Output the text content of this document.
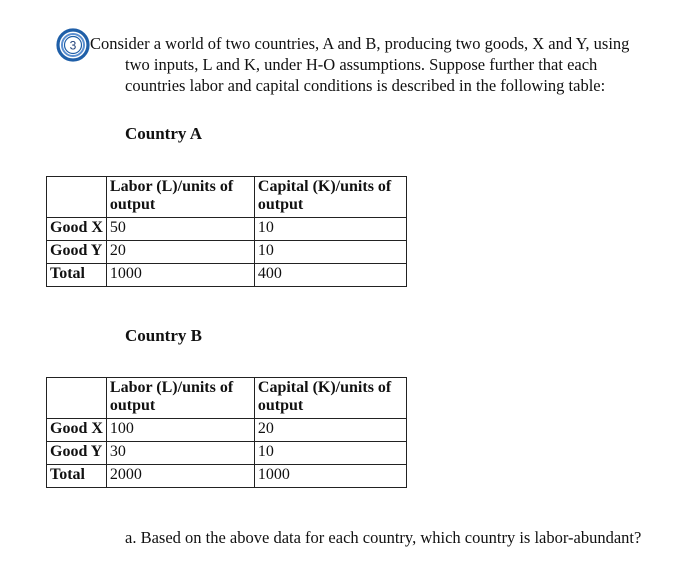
3 Consider a world of two countries, A and B, producing two goods, X and Y, using
two inputs, L and K, under H-O assumptions. Suppose further that each
countries labor and capital conditions is described in the following table:
Country A
	Labor (L)/units of output	Capital (K)/units of output
Good X	50	10
Good Y	20	10
Total	1000	400
Country B
	Labor (L)/units of output	Capital (K)/units of output
Good X	100	20
Good Y	30	10
Total	2000	1000
a. Based on the above data for each country, which country is labor-abundant?
